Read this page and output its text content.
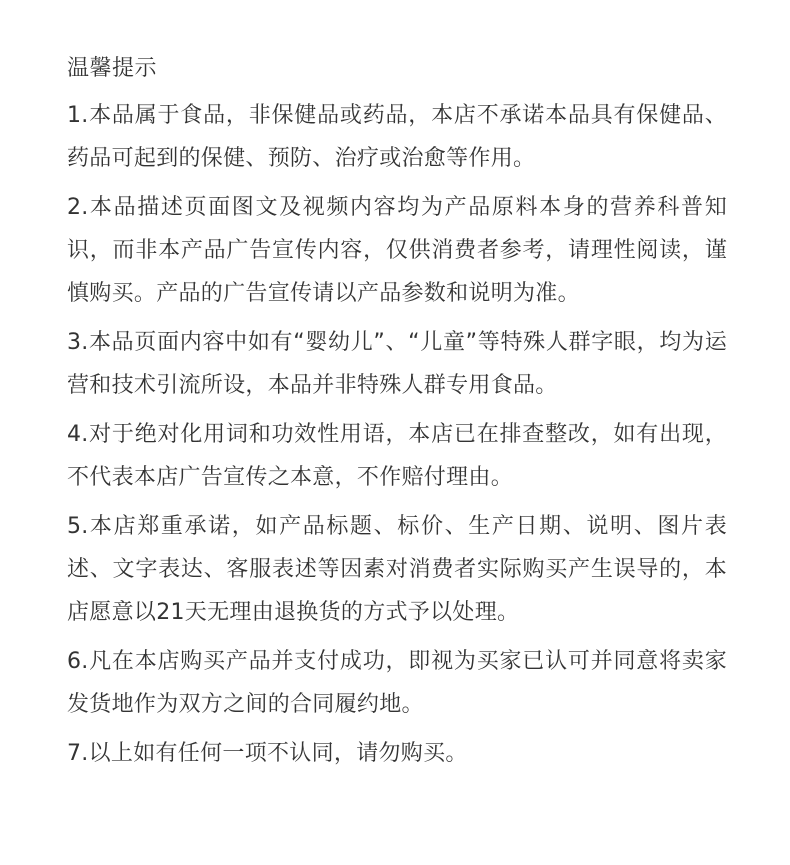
温馨提示
1.本品属于食品，非保健品或药品，本店不承诺本品具有保健品、药品可起到的保健、预防、治疗或治愈等作用。
2.本品描述页面图文及视频内容均为产品原料本身的营养科普知识，而非本产品广告宣传内容，仅供消费者参考，请理性阅读，谨慎购买。产品的广告宣传请以产品参数和说明为准。
3.本品页面内容中如有“婴幼儿”、“儿童”等特殊人群字眼，均为运营和技术引流所设，本品并非特殊人群专用食品。
4.对于绝对化用词和功效性用语，本店已在排查整改，如有出现，不代表本店广告宣传之本意，不作赔付理由。
5.本店郑重承诺，如产品标题、标价、生产日期、说明、图片表述、文字表达、客服表述等因素对消费者实际购买产生误导的，本店愿意以21天无理由退换货的方式予以处理。
6.凡在本店购买产品并支付成功，即视为买家已认可并同意将卖家发货地作为双方之间的合同履约地。
7.以上如有任何一项不认同，请勿购买。
